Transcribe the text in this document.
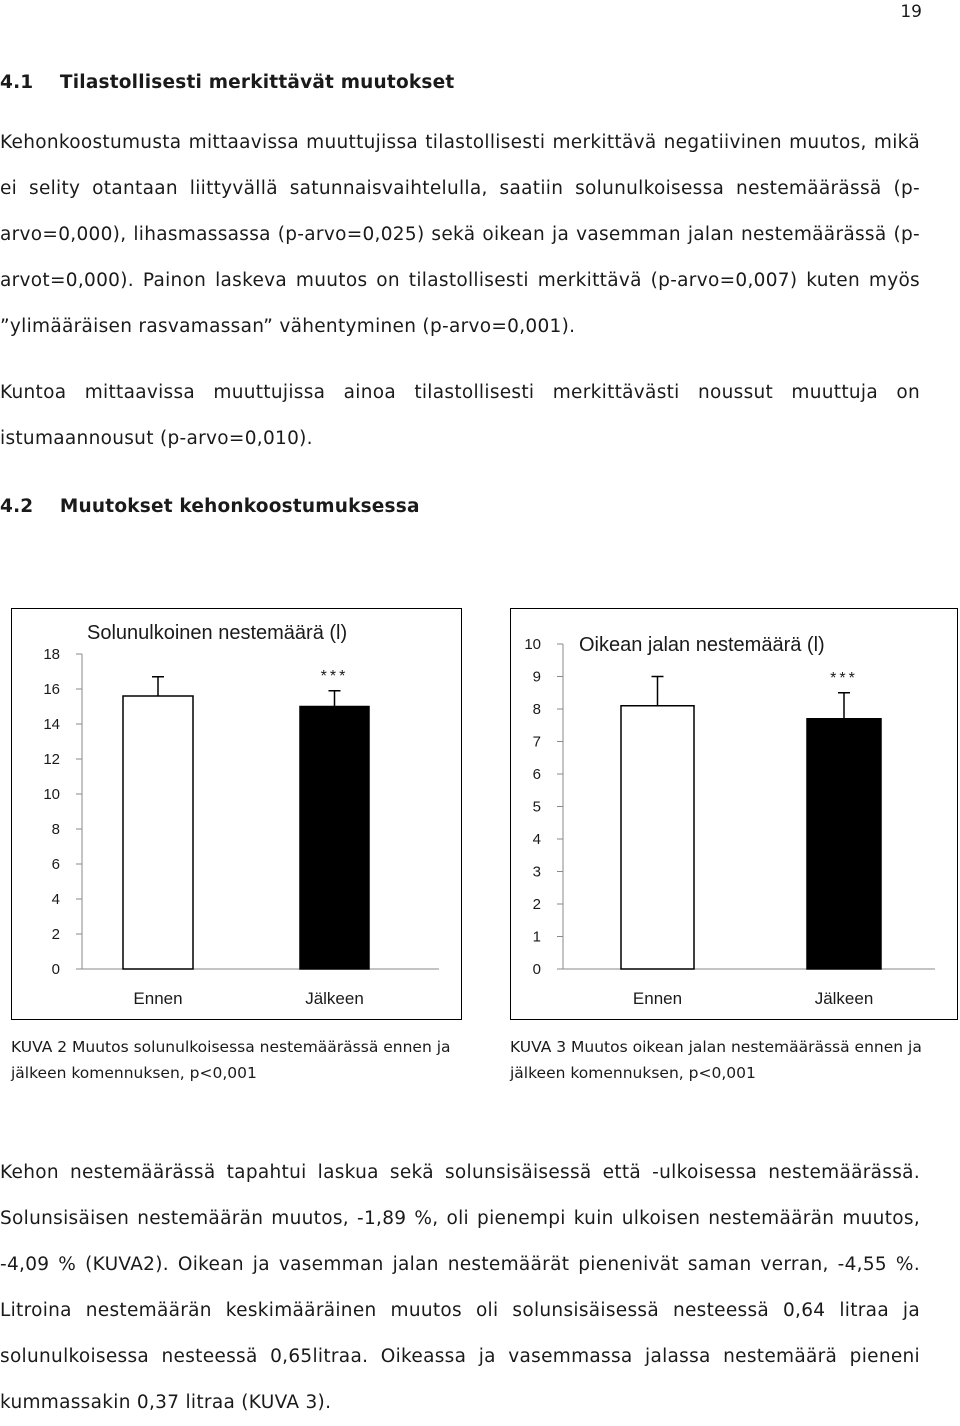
19
4.1    Tilastollisesti merkittävät muutokset

Kehonkoostumusta mittaavissa muuttujissa tilastollisesti merkittävä negatiivinen muutos, mikä ei selity otantaan liittyvällä satunnaisvaihtelulla, saatiin solunulkoisessa nestemäärässä (p-arvo=0,000), lihasmassassa (p-arvo=0,025) sekä oikean ja vasemman jalan nestemäärässä (p-arvot=0,000). Painon laskeva muutos on tilastollisesti merkittävä (p-arvo=0,007) kuten myös ”ylimääräisen rasvamassan” vähentyminen (p-arvo=0,001).

Kuntoa mittaavissa muuttujissa ainoa tilastollisesti merkittävästi noussut muuttuja on istumaannousut (p-arvo=0,010).

4.2    Muutokset kehonkoostumuksessa
Solunulkoinen nestemäärä (l)
0
2
4
6
8
10
12
14
16
18
Ennen	Jälkeen
***
Oikean jalan nestemäärä (l)
0
1
2
3
4
5
6
7
8
9
10
Ennen	Jälkeen
***
KUVA 2 Muutos solunulkoisessa nestemäärässä ennen ja jälkeen komennuksen, p<0,001
KUVA 3 Muutos oikean jalan nestemäärässä ennen ja jälkeen komennuksen, p<0,001

Kehon nestemäärässä tapahtui laskua sekä solunsisäisessä että -ulkoisessa nestemäärässä. Solunsisäisen nestemäärän muutos, -1,89 %, oli pienempi kuin ulkoisen nestemäärän muutos, -4,09 % (KUVA2). Oikean ja vasemman jalan nestemäärät pienenivät saman verran, -4,55 %. Litroina nestemäärän keskimääräinen muutos oli solunsisäisessä nesteessä 0,64 litraa ja solunulkoisessa nesteessä 0,65litraa. Oikeassa ja vasemmassa jalassa nestemäärä pieneni kummassakin 0,37 litraa (KUVA 3).
